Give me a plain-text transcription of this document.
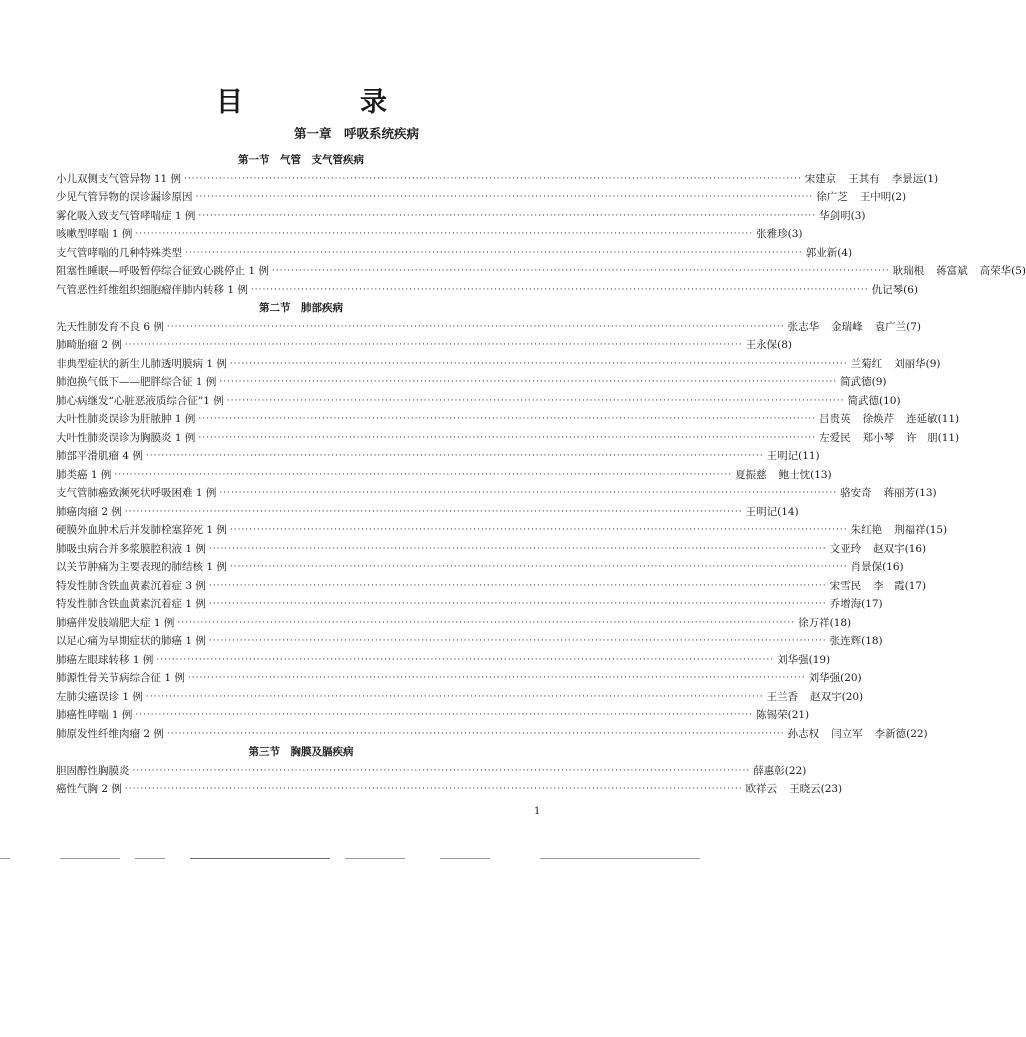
目	录
第一章　呼吸系统疾病
第一节　气管　支气管疾病
小儿双侧支气管异物 11 例 ································································································································································ 宋建京 王其有 李景远(1)
少见气管异物的误诊漏诊原因 ································································································································································ 徐广芝 王中明(2)
雾化吸入致支气管哮喘症 1 例 ································································································································································ 华剑明(3)
咳嗽型哮喘 1 例 ································································································································································ 张雅珍(3)
支气管哮喘的几种特殊类型 ································································································································································ 郭业新(4)
阻塞性睡眠—呼吸暂停综合征致心跳停止 1 例 ································································································································································ 耿瑞根 蒋富斌 高荣华(5)
气管恶性纤维组织细胞瘤伴肺内转移 1 例 ································································································································································ 仇记琴(6)
第二节　肺部疾病
先天性肺发育不良 6 例 ································································································································································ 张志华 金瑞峰 袁广兰(7)
肺畸胎瘤 2 例 ································································································································································ 王永保(8)
非典型症状的新生儿肺透明膜病 1 例 ································································································································································ 兰菊红 刘丽华(9)
肺泡换气低下——肥胖综合征 1 例 ································································································································································ 简武德(9)
肺心病继发“心脏恶液质综合征”1 例 ································································································································································ 简武德(10)
大叶性肺炎误诊为肝脓肿 1 例 ································································································································································ 吕贵英 徐焕芹 连延敏(11)
大叶性肺炎误诊为胸膜炎 1 例 ································································································································································ 左爱民 郑小琴 许　朋(11)
肺部平滑肌瘤 4 例 ································································································································································ 王明记(11)
肺类癌 1 例 ································································································································································ 夏振慈 鲍士忱(13)
支气管肺癌致濒死状呼吸困难 1 例 ································································································································································ 骆安奇 蒋丽芳(13)
肺癌肉瘤 2 例 ································································································································································ 王明记(14)
硬膜外血肿术后并发肺栓塞猝死 1 例 ································································································································································ 朱红艳 荆福祥(15)
肺吸虫病合并多浆膜腔积液 1 例 ································································································································································ 文亚玲 赵双宇(16)
以关节肿痛为主要表现的肺结核 1 例 ································································································································································ 肖景保(16)
特发性肺含铁血黄素沉着症 3 例 ································································································································································ 宋雪民 李　霞(17)
特发性肺含铁血黄素沉着症 1 例 ································································································································································ 乔增海(17)
肺癌伴发肢端肥大症 1 例 ································································································································································ 徐万祥(18)
以足心痛为早期症状的肺癌 1 例 ································································································································································ 张连辉(18)
肺癌左眼球转移 1 例 ································································································································································ 刘华强(19)
肺源性骨关节病综合征 1 例 ································································································································································ 刘华强(20)
左肺尖癌误诊 1 例 ································································································································································ 王兰香 赵双宇(20)
肺癌性哮喘 1 例 ································································································································································ 陈锡荣(21)
肺原发性纤维肉瘤 2 例 ································································································································································ 孙志权 闫立军 李新德(22)
第三节　胸膜及膈疾病
胆固醇性胸膜炎 ································································································································································ 薛惠彰(22)
癌性气胸 2 例 ································································································································································ 欧祥云 王晓云(23)
1
